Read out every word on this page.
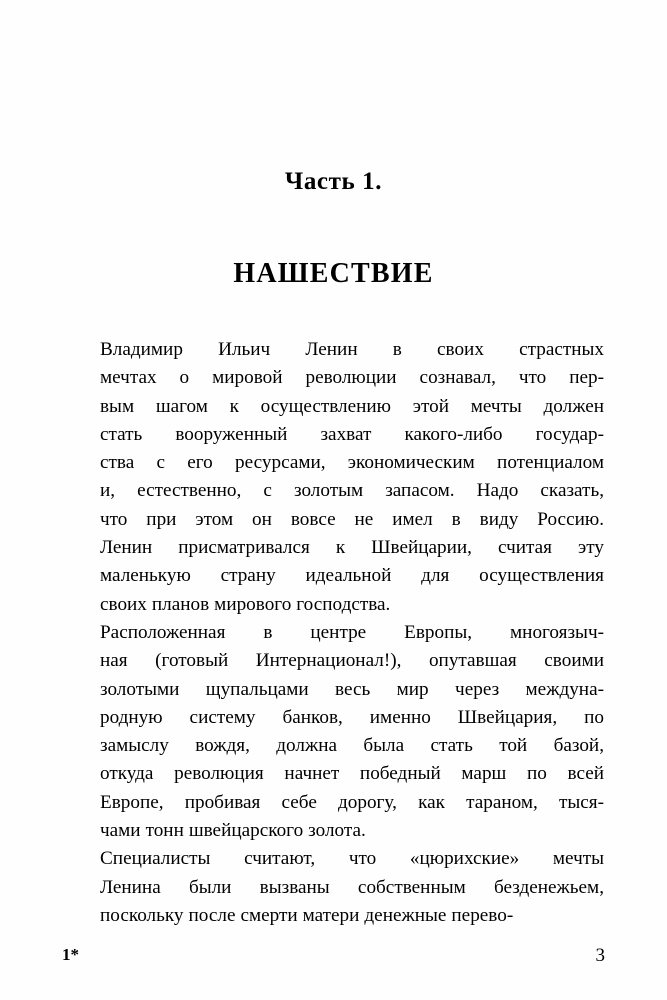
Часть 1.
НАШЕСТВИЕ

Владимир Ильич Ленин в своих страстных
мечтах о мировой революции сознавал, что пер-
вым шагом к осуществлению этой мечты должен
стать вооруженный захват какого-либо государ-
ства с его ресурсами, экономическим потенциалом
и, естественно, с золотым запасом. Надо сказать,
что при этом он вовсе не имел в виду Россию.
Ленин присматривался к Швейцарии, считая эту
маленькую страну идеальной для осуществления
своих планов мирового господства.

Расположенная в центре Европы, многоязыч-
ная (готовый Интернационал!), опутавшая своими
золотыми щупальцами весь мир через междуна-
родную систему банков, именно Швейцария, по
замыслу вождя, должна была стать той базой,
откуда революция начнет победный марш по всей
Европе, пробивая себе дорогу, как тараном, тыся-
чами тонн швейцарского золота.

Специалисты считают, что «цюрихские» мечты
Ленина были вызваны собственным безденежьем,
поскольку после смерти матери денежные перево-

1*	3
